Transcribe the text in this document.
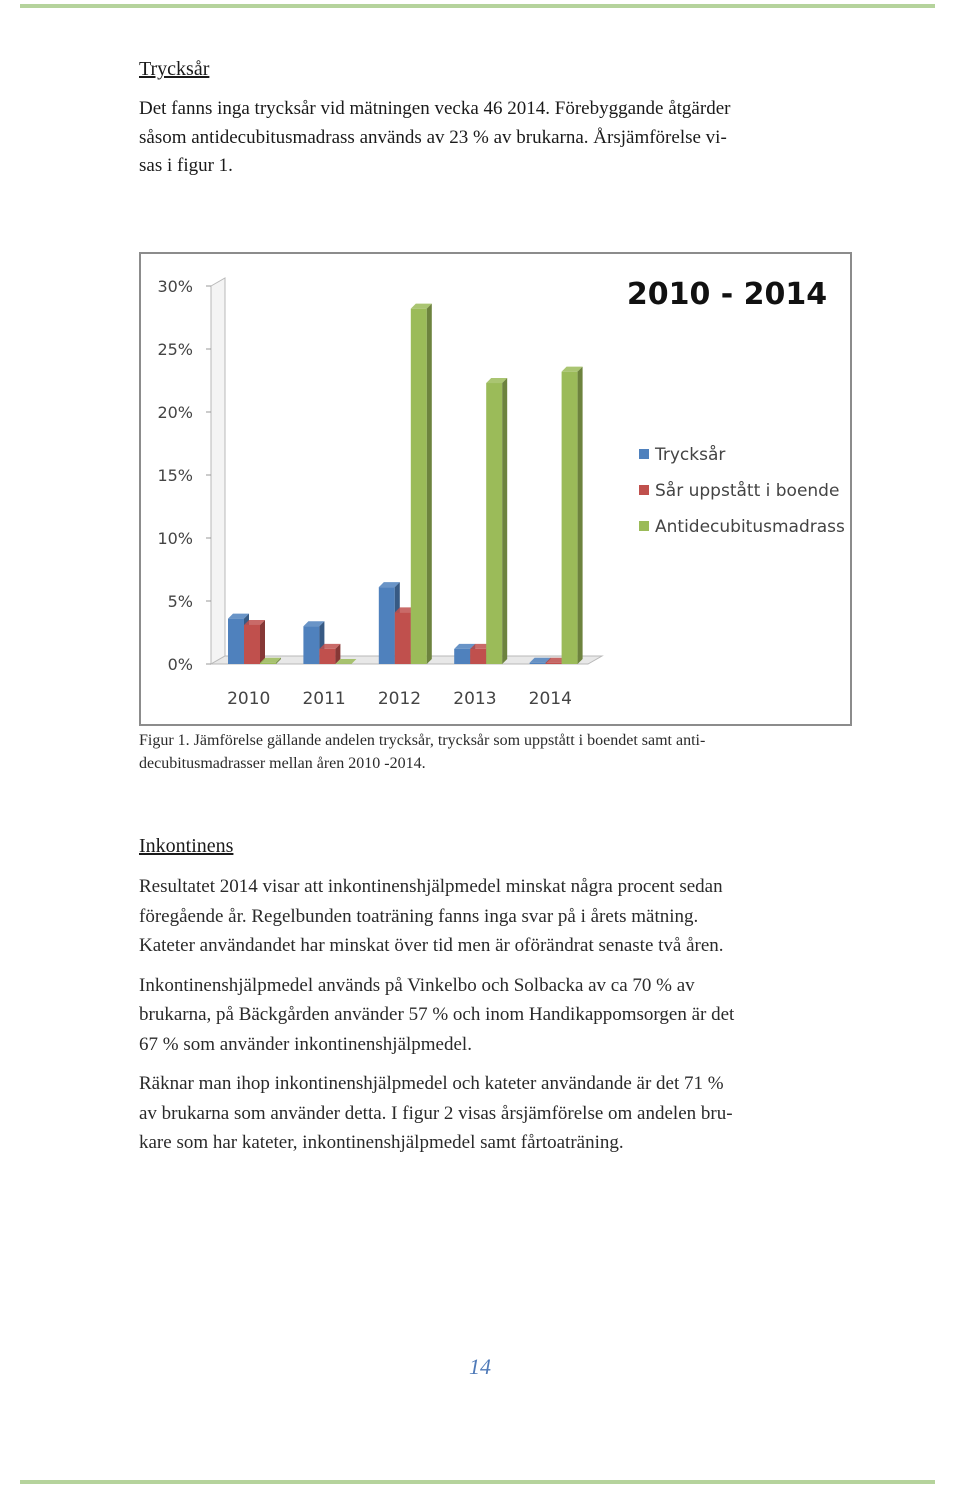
Trycksår
Det fanns inga trycksår vid mätningen vecka 46 2014. Förebyggande åtgärder
såsom antidecubitusmadrass används av 23 % av brukarna. Årsjämförelse vi-
sas i figur 1.
0%
5%
10%
15%
20%
25%
30%
2010 2011 2012 2013 2014
2010 - 2014
Trycksår
Sår uppstått i boende
Antidecubitusmadrass
Figur 1. Jämförelse gällande andelen trycksår, trycksår som uppstått i boendet samt anti-
decubitusmadrasser mellan åren 2010 -2014.
Inkontinens

Resultatet 2014 visar att inkontinenshjälpmedel minskat några procent sedan
föregående år. Regelbunden toaträning fanns inga svar på i årets mätning.
Kateter användandet har minskat över tid men är oförändrat senaste två åren.

Inkontinenshjälpmedel används på Vinkelbo och Solbacka av ca 70 % av
brukarna, på Bäckgården använder 57 % och inom Handikappomsorgen är det
67 % som använder inkontinenshjälpmedel.

Räknar man ihop inkontinenshjälpmedel och kateter användande är det 71 %
av brukarna som använder detta. I figur 2 visas årsjämförelse om andelen bru-
kare som har kateter, inkontinenshjälpmedel samt fårtoaträning.

14
